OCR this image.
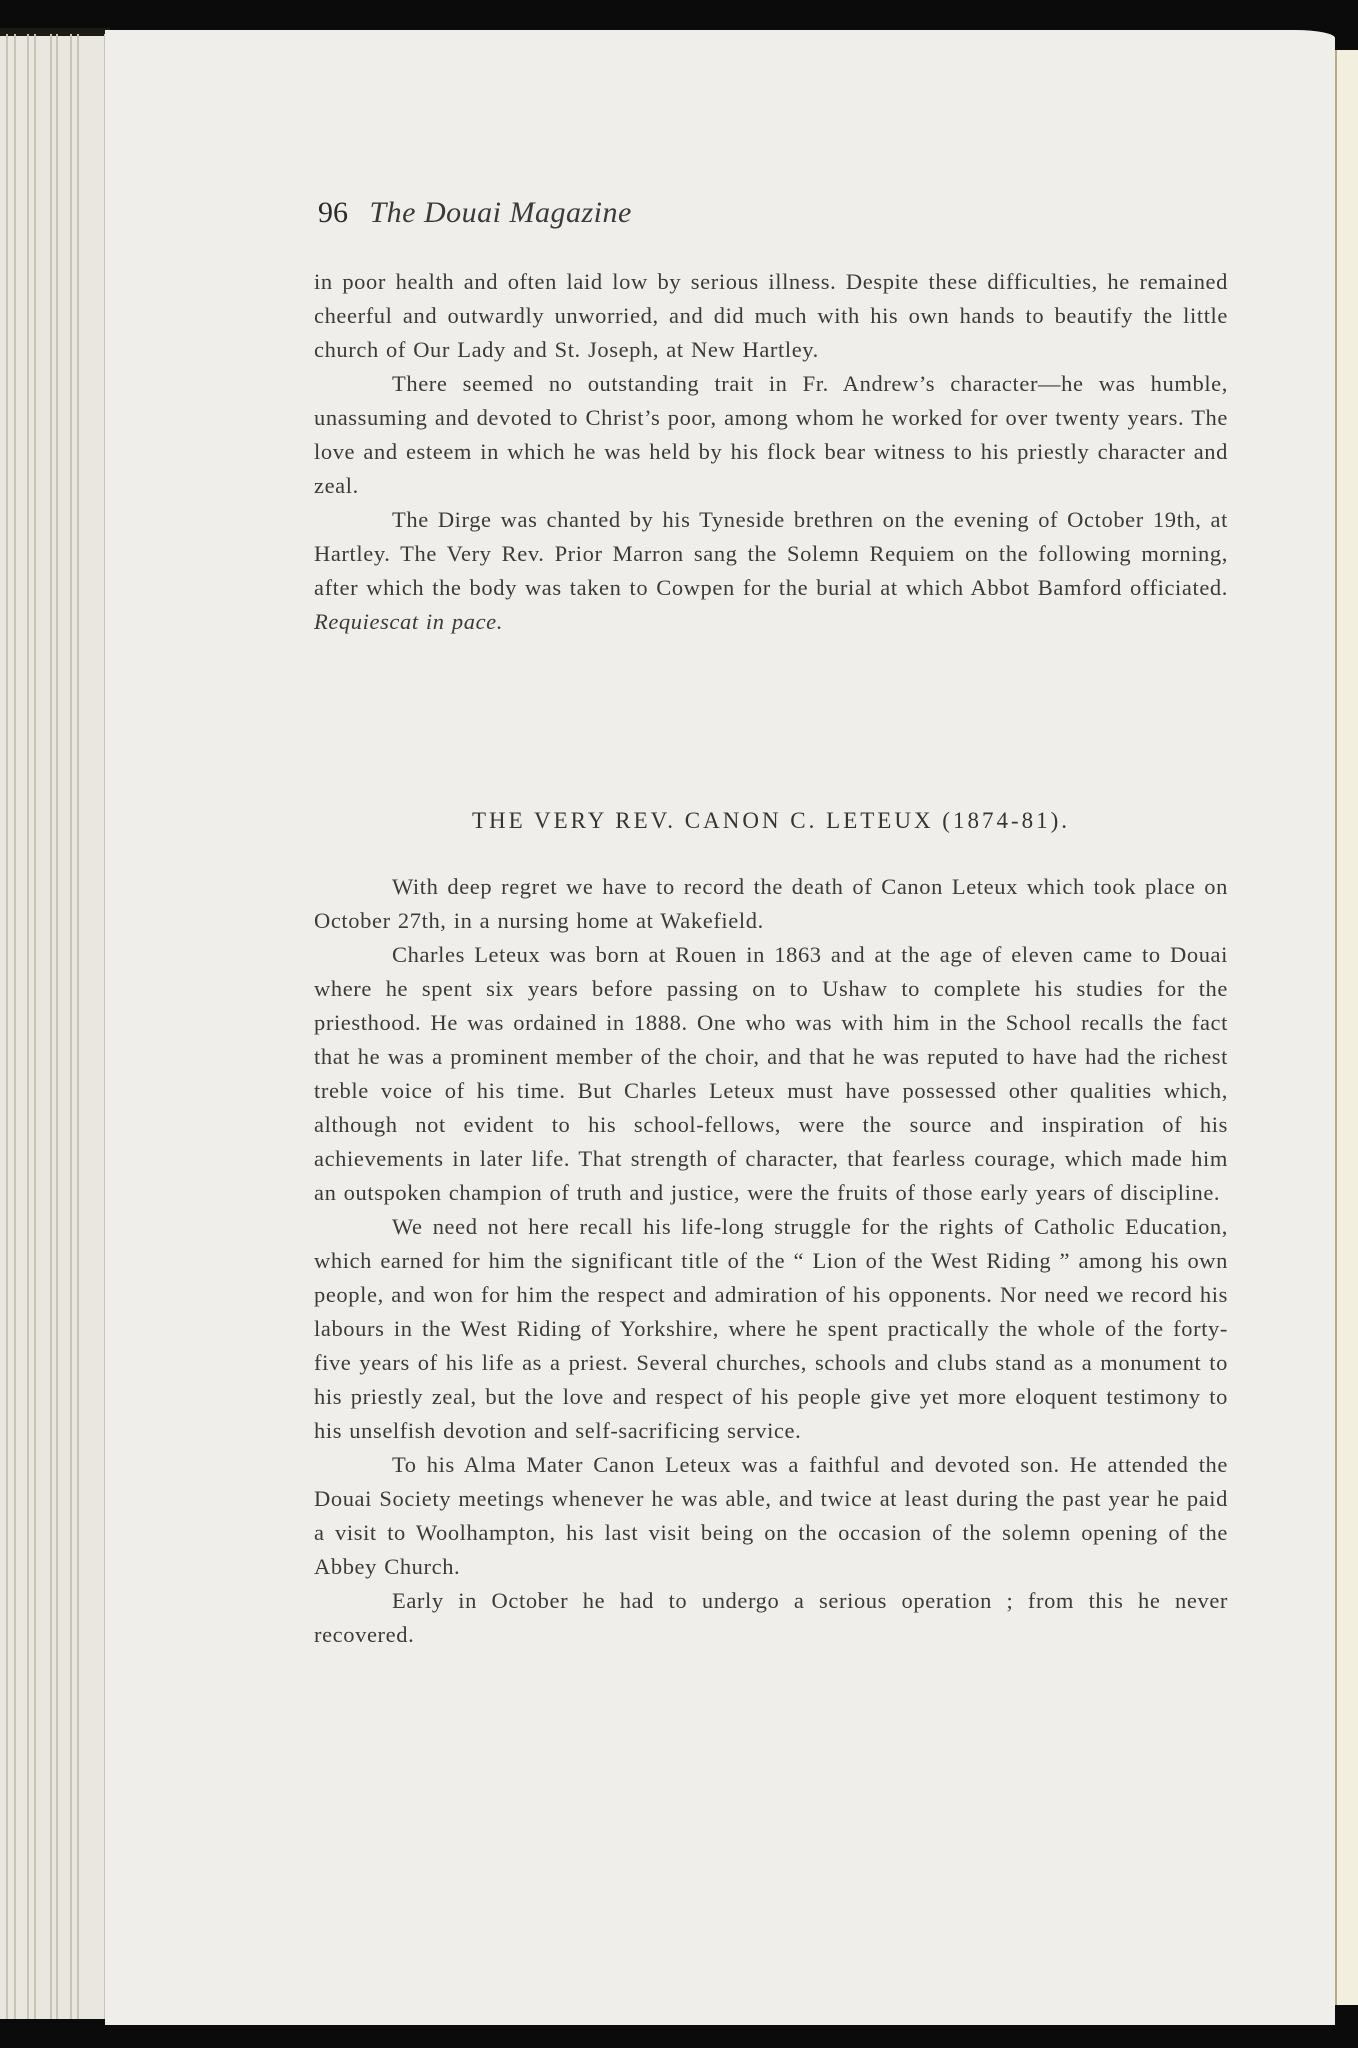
96 The Douai Magazine

in poor health and often laid low by serious illness. Despite these difficulties, he remained cheerful and outwardly unworried, and did much with his own hands to beautify the little church of Our Lady and St. Joseph, at New Hartley.

There seemed no outstanding trait in Fr. Andrew’s character—he was humble, unassuming and devoted to Christ’s poor, among whom he worked for over twenty years. The love and esteem in which he was held by his flock bear witness to his priestly character and zeal.

The Dirge was chanted by his Tyneside brethren on the evening of October 19th, at Hartley. The Very Rev. Prior Marron sang the Solemn Requiem on the following morning, after which the body was taken to Cowpen for the burial at which Abbot Bamford officiated. Requiescat in pace.

THE VERY REV. CANON C. LETEUX (1874-81).

With deep regret we have to record the death of Canon Leteux which took place on October 27th, in a nursing home at Wakefield.

Charles Leteux was born at Rouen in 1863 and at the age of eleven came to Douai where he spent six years before passing on to Ushaw to complete his studies for the priesthood. He was ordained in 1888. One who was with him in the School recalls the fact that he was a prominent member of the choir, and that he was reputed to have had the richest treble voice of his time. But Charles Leteux must have possessed other qualities which, although not evident to his school-fellows, were the source and inspiration of his achievements in later life. That strength of character, that fearless courage, which made him an outspoken champion of truth and justice, were the fruits of those early years of discipline.

We need not here recall his life-long struggle for the rights of Catholic Education, which earned for him the significant title of the “ Lion of the West Riding ” among his own people, and won for him the respect and admiration of his opponents. Nor need we record his labours in the West Riding of Yorkshire, where he spent practically the whole of the forty-five years of his life as a priest. Several churches, schools and clubs stand as a monument to his priestly zeal, but the love and respect of his people give yet more eloquent testimony to his unselfish devotion and self-sacrificing service.

To his Alma Mater Canon Leteux was a faithful and devoted son. He attended the Douai Society meetings whenever he was able, and twice at least during the past year he paid a visit to Woolhampton, his last visit being on the occasion of the solemn opening of the Abbey Church.

Early in October he had to undergo a serious operation ; from this he never recovered.
